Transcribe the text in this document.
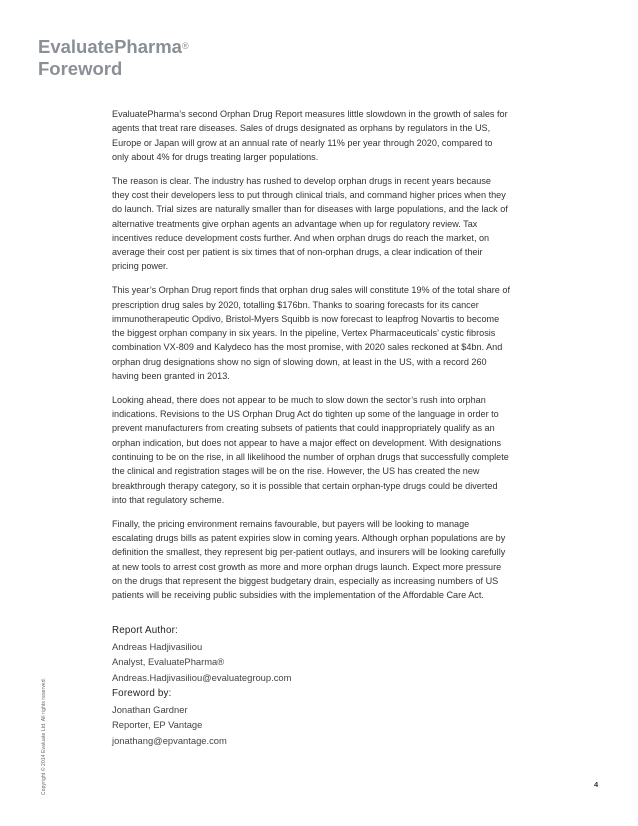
EvaluatePharma®
Foreword

EvaluatePharma’s second Orphan Drug Report measures little slowdown in the growth of sales for agents that treat rare diseases. Sales of drugs designated as orphans by regulators in the US, Europe or Japan will grow at an annual rate of nearly 11% per year through 2020, compared to only about 4% for drugs treating larger populations.

The reason is clear. The industry has rushed to develop orphan drugs in recent years because they cost their developers less to put through clinical trials, and command higher prices when they do launch. Trial sizes are naturally smaller than for diseases with large populations, and the lack of alternative treatments give orphan agents an advantage when up for regulatory review. Tax incentives reduce development costs further. And when orphan drugs do reach the market, on average their cost per patient is six times that of non-orphan drugs, a clear indication of their pricing power.

This year’s Orphan Drug report finds that orphan drug sales will constitute 19% of the total share of prescription drug sales by 2020, totalling $176bn. Thanks to soaring forecasts for its cancer immunotherapeutic Opdivo, Bristol-Myers Squibb is now forecast to leapfrog Novartis to become the biggest orphan company in six years. In the pipeline, Vertex Pharmaceuticals’ cystic fibrosis combination VX-809 and Kalydeco has the most promise, with 2020 sales reckoned at $4bn. And orphan drug designations show no sign of slowing down, at least in the US, with a record 260 having been granted in 2013.

Looking ahead, there does not appear to be much to slow down the sector’s rush into orphan indications. Revisions to the US Orphan Drug Act do tighten up some of the language in order to prevent manufacturers from creating subsets of patients that could inappropriately qualify as an orphan indication, but does not appear to have a major effect on development. With designations continuing to be on the rise, in all likelihood the number of orphan drugs that successfully complete the clinical and registration stages will be on the rise. However, the US has created the new breakthrough therapy category, so it is possible that certain orphan-type drugs could be diverted into that regulatory scheme.

Finally, the pricing environment remains favourable, but payers will be looking to manage escalating drugs bills as patent expiries slow in coming years. Although orphan populations are by definition the smallest, they represent big per-patient outlays, and insurers will be looking carefully at new tools to arrest cost growth as more and more orphan drugs launch. Expect more pressure on the drugs that represent the biggest budgetary drain, especially as increasing numbers of US patients will be receiving public subsidies with the implementation of the Affordable Care Act.

Report Author:
Andreas Hadjivasiliou
Analyst, EvaluatePharma®
Andreas.Hadjivasiliou@evaluategroup.com
Foreword by:
Jonathan Gardner
Reporter, EP Vantage
jonathang@epvantage.com
Copyright © 2014 Evaluate Ltd. All rights reserved.	4
